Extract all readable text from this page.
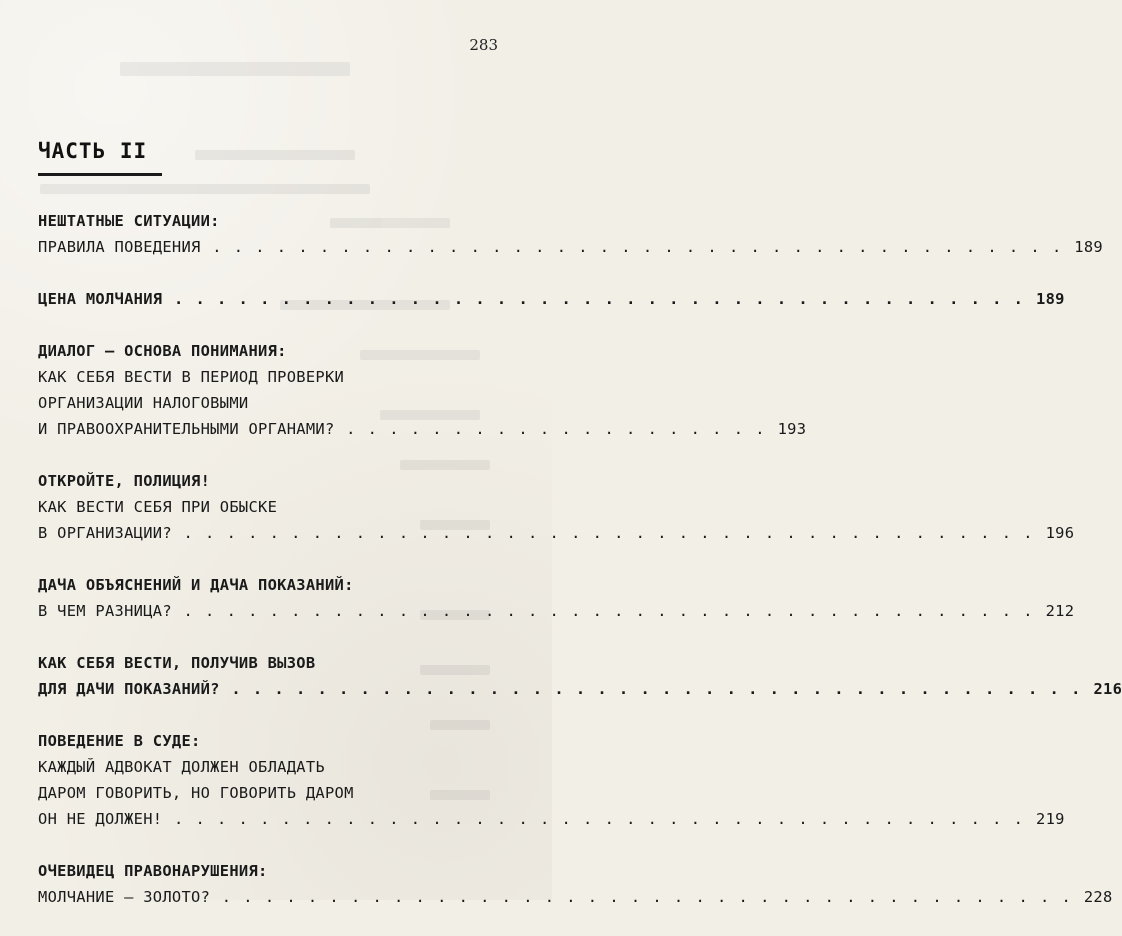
283
ЧАСТЬ II
НЕШТАТНЫЕ СИТУАЦИИ:
ПРАВИЛА ПОВЕДЕНИЯ . . . . . . . . . . . . . . . . . . . . . . . . . . . . . . . . . . . . . . . . 189
ЦЕНА МОЛЧАНИЯ . . . . . . . . . . . . . . . . . . . . . . . . . . . . . . . . . . . . . . . . 189
ДИАЛОГ — ОСНОВА ПОНИМАНИЯ:
КАК СЕБЯ ВЕСТИ В ПЕРИОД ПРОВЕРКИ
ОРГАНИЗАЦИИ НАЛОГОВЫМИ
И ПРАВООХРАНИТЕЛЬНЫМИ ОРГАНАМИ? . . . . . . . . . . . . . . . . . . . . 193
ОТКРОЙТЕ, ПОЛИЦИЯ!
КАК ВЕСТИ СЕБЯ ПРИ ОБЫСКЕ
В ОРГАНИЗАЦИИ? . . . . . . . . . . . . . . . . . . . . . . . . . . . . . . . . . . . . . . . . 196
ДАЧА ОБЪЯСНЕНИЙ И ДАЧА ПОКАЗАНИЙ:
В ЧЕМ РАЗНИЦА? . . . . . . . . . . . . . . . . . . . . . . . . . . . . . . . . . . . . . . . . 212
КАК СЕБЯ ВЕСТИ, ПОЛУЧИВ ВЫЗОВ
ДЛЯ ДАЧИ ПОКАЗАНИЙ? . . . . . . . . . . . . . . . . . . . . . . . . . . . . . . . . . . . . . . . . 216
ПОВЕДЕНИЕ В СУДЕ:
КАЖДЫЙ АДВОКАТ ДОЛЖЕН ОБЛАДАТЬ
ДАРОМ ГОВОРИТЬ, НО ГОВОРИТЬ ДАРОМ
ОН НЕ ДОЛЖЕН! . . . . . . . . . . . . . . . . . . . . . . . . . . . . . . . . . . . . . . . . 219
ОЧЕВИДЕЦ ПРАВОНАРУШЕНИЯ:
МОЛЧАНИЕ — ЗОЛОТО? . . . . . . . . . . . . . . . . . . . . . . . . . . . . . . . . . . . . . . . . 228
